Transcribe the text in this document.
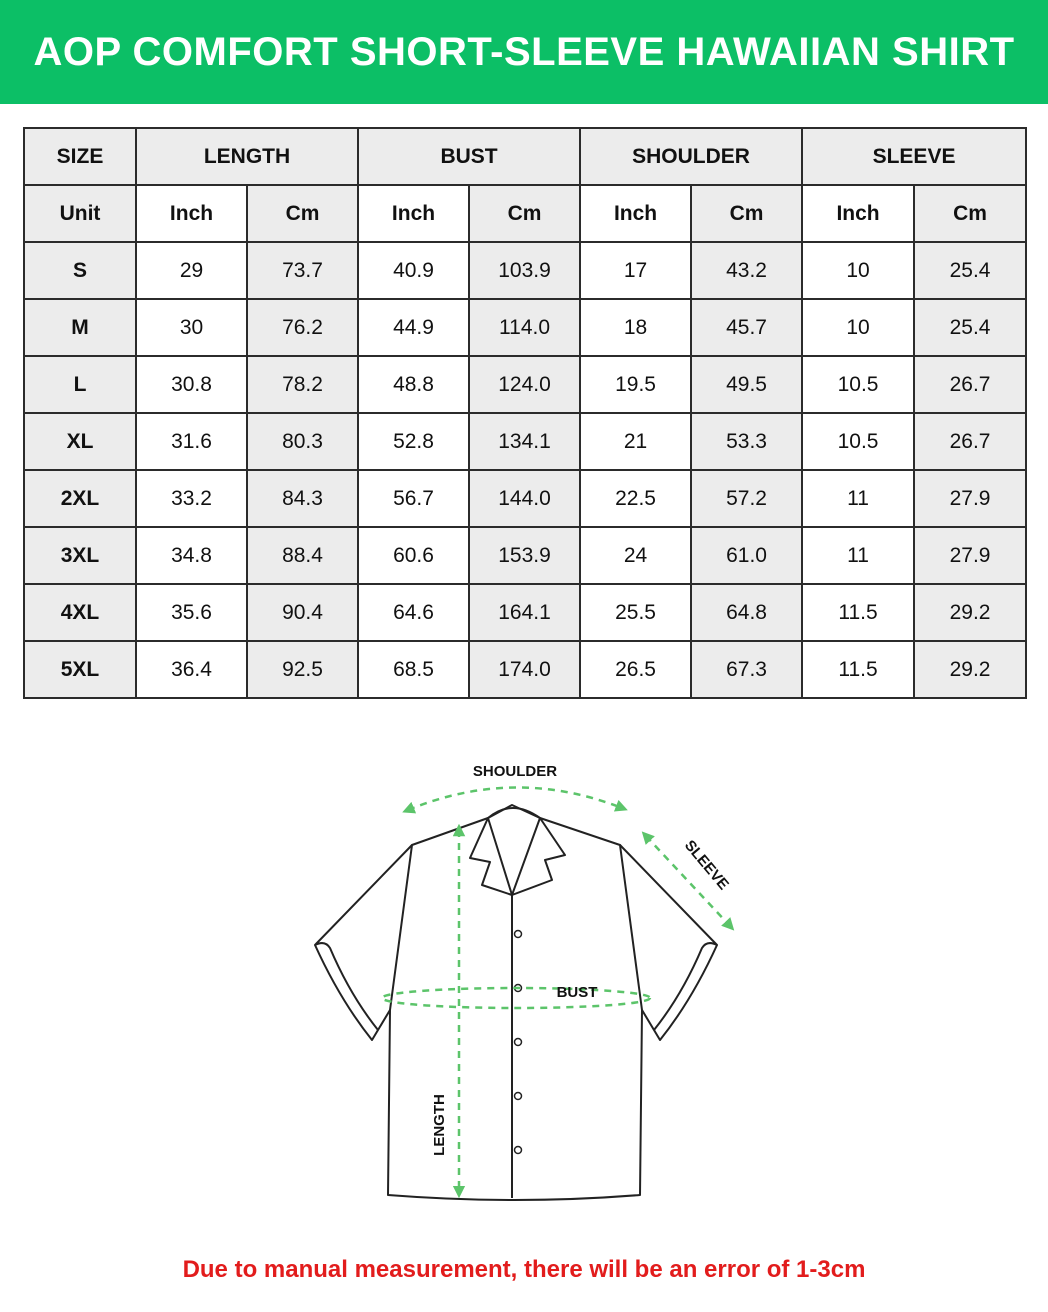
AOP COMFORT SHORT-SLEEVE HAWAIIAN SHIRT
SIZE	LENGTH		BUST		SHOULDER		SLEEVE	
Unit	Inch	Cm	Inch	Cm	Inch	Cm	Inch	Cm
S	29	73.7	40.9	103.9	17	43.2	10	25.4
M	30	76.2	44.9	114.0	18	45.7	10	25.4
L	30.8	78.2	48.8	124.0	19.5	49.5	10.5	26.7
XL	31.6	80.3	52.8	134.1	21	53.3	10.5	26.7
2XL	33.2	84.3	56.7	144.0	22.5	57.2	11	27.9
3XL	34.8	88.4	60.6	153.9	24	61.0	11	27.9
4XL	35.6	90.4	64.6	164.1	25.5	64.8	11.5	29.2
5XL	36.4	92.5	68.5	174.0	26.5	67.3	11.5	29.2
SHOULDER
SLEEVE
BUST
LENGTH
Due to manual measurement, there will be an error of 1-3cm
